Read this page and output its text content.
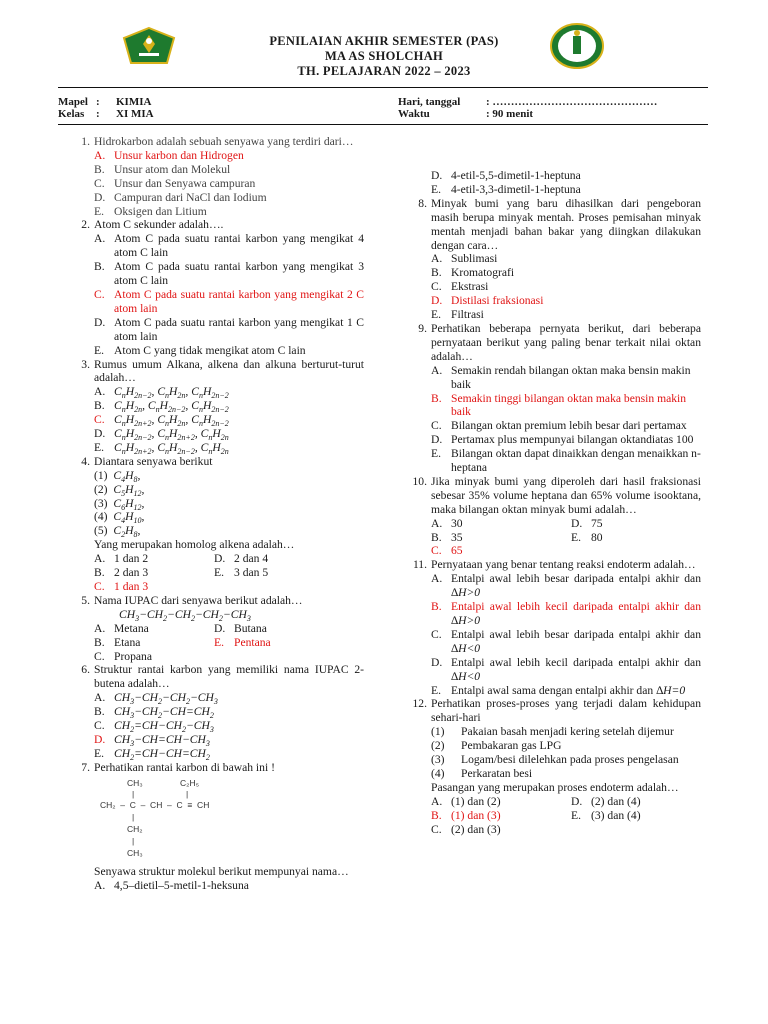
PENILAIAN AKHIR SEMESTER (PAS)
MA AS SHOLCHAH
TH. PELAJARAN 2022 – 2023
Mapel : KIMIA
Kelas : XI MIA
Hari, tanggal : ………………………………………
Waktu	: 90 menit
1. Hidrokarbon adalah sebuah senyawa yang terdiri dari…
A. Unsur karbon dan Hidrogen
B. Unsur atom dan Molekul
C. Unsur dan Senyawa campuran
D. Campuran dari NaCl dan Iodium
E. Oksigen dan Litium
2. Atom C sekunder adalah….
A. Atom C pada suatu rantai karbon yang mengikat 4 atom C lain
B. Atom C pada suatu rantai karbon yang mengikat 3 atom C lain
C. Atom C pada suatu rantai karbon yang mengikat 2 C atom lain
D. Atom C pada suatu rantai karbon yang mengikat 1 C atom lain
E. Atom C yang tidak mengikat atom C lain
3. Rumus umum Alkana, alkena dan alkuna berturut-turut adalah…
A. $C_nH_{2n-2}$, $C_nH_{2n}$, $C_nH_{2n-2}$
B. $C_nH_{2n}$, $C_nH_{2n-2}$, $C_nH_{2n-2}$
C. $C_nH_{2n+2}$, $C_nH_{2n}$, $C_nH_{2n-2}$
D. $C_nH_{2n-2}$, $C_nH_{2n+2}$, $C_nH_{2n}$
E. $C_nH_{2n+2}$, $C_nH_{2n-2}$, $C_nH_{2n}$
4. Diantara senyawa berikut
(1)  $C_4H_8$,
(2)  $C_5H_{12}$,
(3)  $C_6H_{12}$,
(4)  $C_4H_{10}$,
(5)  $C_2H_8$,
Yang merupakan homolog alkena adalah…
A. 1 dan 2	D. 2 dan 4
B. 2 dan 3	E. 3 dan 5
C. 1 dan 3
5. Nama IUPAC dari senyawa berikut adalah…
$CH_3-CH_2-CH_2-CH_2-CH_3$
A. Metana	D. Butana
B. Etana	E. Pentana
C. Propana
6. Struktur rantai karbon yang memiliki nama IUPAC 2-butena adalah…
A. $CH_3-CH_2-CH_2-CH_3$
B. $CH_3-CH_2-CH=CH_2$
C. $CH_2=CH-CH_2-CH_3$
D. $CH_3-CH=CH-CH_3$
E. $CH_2=CH-CH=CH_2$
7. Perhatikan rantai karbon di bawah ini !
CH₃	C₂H₅
|	|
CH₂  –  C  –  CH  –  C  ≡  CH
|
CH₂
|
CH₃
Senyawa struktur molekul berikut mempunyai nama…
A. 4,5–dietil–5-metil-1-heksuna
D. 4-etil-5,5-dimetil-1-heptuna
E. 4-etil-3,3-dimetil-1-heptuna
8. Minyak bumi yang baru dihasilkan dari pengeboran masih berupa minyak mentah. Proses pemisahan minyak mentah menjadi bahan bakar yang diingkan dilakukan dengan cara…
A. Sublimasi
B. Kromatografi
C. Ekstrasi
D. Distilasi fraksionasi
E. Filtrasi
9. Perhatikan beberapa pernyata berikut, dari beberapa pernyataan berikut yang paling benar terkait nilai oktan adalah…
A. Semakin rendah bilangan oktan maka bensin makin baik
B. Semakin tinggi bilangan oktan maka bensin makin baik
C. Bilangan oktan premium lebih besar dari pertamax
D. Pertamax plus mempunyai bilangan oktandiatas 100
E. Bilangan oktan dapat dinaikkan dengan menaikkan n-heptana
10. Jika minyak bumi yang diperoleh dari hasil fraksionasi sebesar 35% volume heptana dan 65% volume isooktana, maka bilangan oktan minyak bumi adalah…
A. 30	D. 75
B. 35	E. 80
C. 65
11. Pernyataan yang benar tentang reaksi endoterm adalah…
A. Entalpi awal lebih besar daripada entalpi akhir dan ∆H>0
B. Entalpi awal lebih kecil daripada entalpi akhir dan ∆H>0
C. Entalpi awal lebih besar daripada entalpi akhir dan ∆H<0
D. Entalpi awal lebih kecil daripada entalpi akhir dan ∆H<0
E. Entalpi awal sama dengan entalpi akhir dan ∆H=0
12. Perhatikan proses-proses yang terjadi dalam kehidupan sehari-hari
(1) Pakaian basah menjadi kering setelah dijemur
(2) Pembakaran gas LPG
(3) Logam/besi dilelehkan pada proses pengelasan
(4) Perkaratan besi
Pasangan yang merupakan proses endoterm adalah…
A. (1) dan (2)	D. (2) dan (4)
B. (1) dan (3)	E. (3) dan (4)
C. (2) dan (3)
